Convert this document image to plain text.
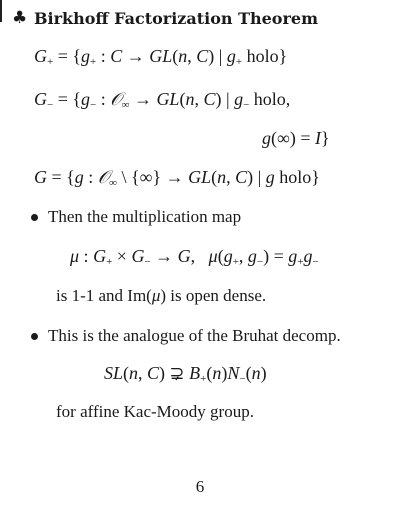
♣ Birkhoff Factorization Theorem
$G_+ = \{g_+$ : C → GL(n, C) | $g_+$ holo}
$G_- = \{g_-$ : 𝒪$_\infty$ → GL(n, C) | $g_-$ holo,
g(∞) = I}
G = {g : 𝒪$_\infty$ \ {∞} → GL(n, C) | g holo}
Then the multiplication map
μ : $G_+ \times G_- \to G$,   $\mu(g_+$, $g_-) = g_+g_-$
is 1-1 and Im(μ) is open dense.
This is the analogue of the Bruhat decomp.
SL(n, C) ⊋ $B_+(n)N_-(n)$
for affine Kac-Moody group.
6
